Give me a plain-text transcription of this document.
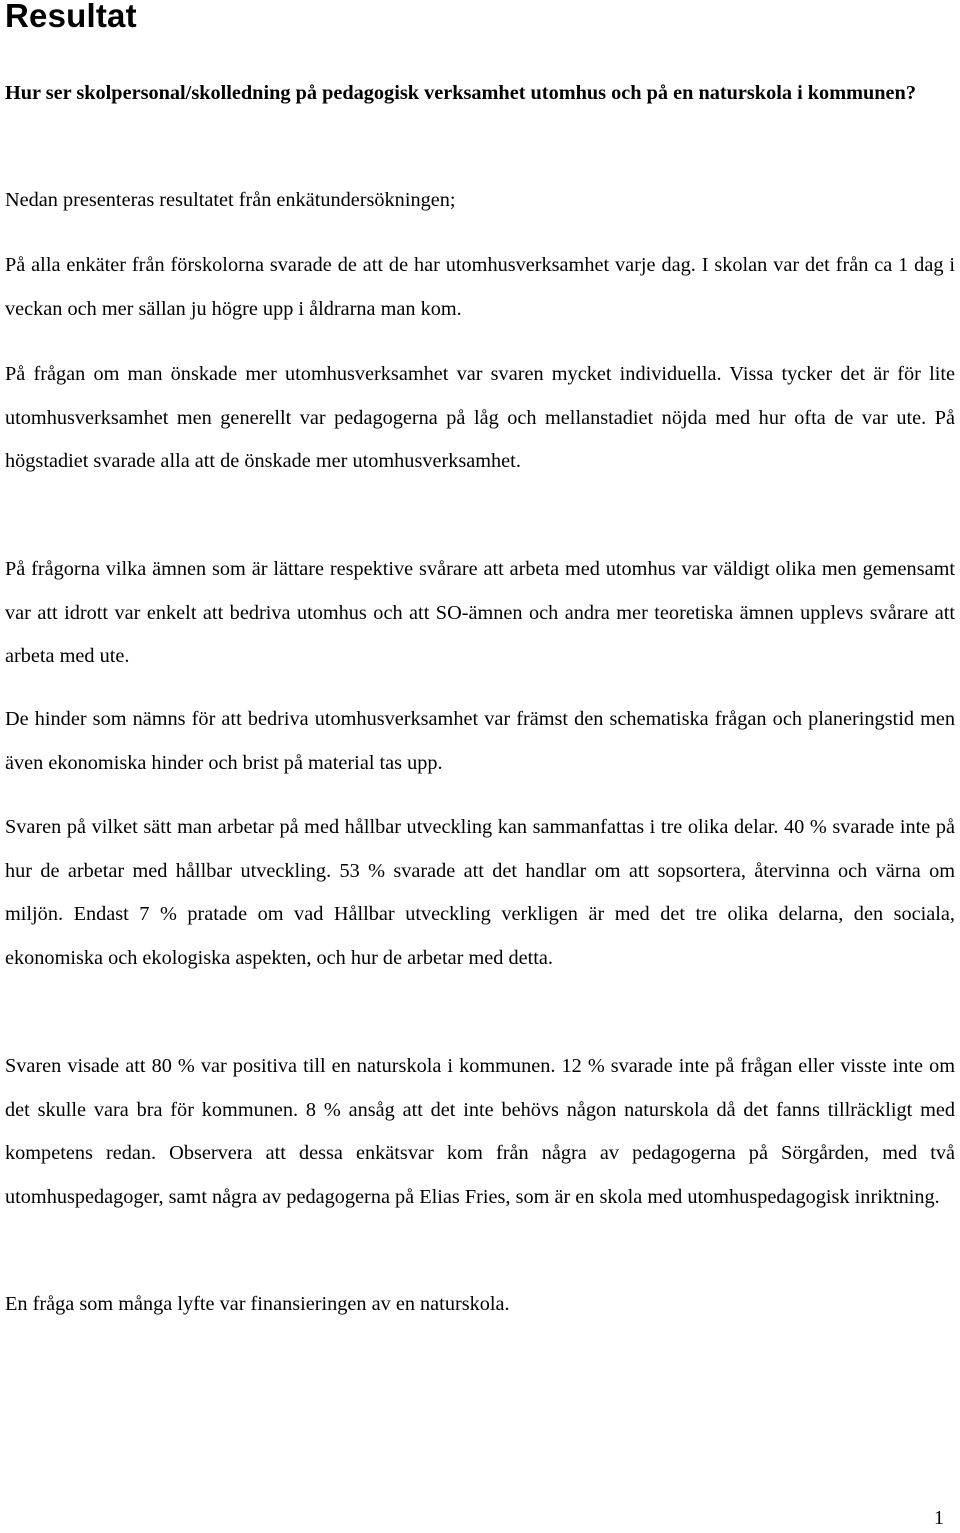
Resultat

Hur ser skolpersonal/skolledning på pedagogisk verksamhet utomhus och på en naturskola i kommunen?

Nedan presenteras resultatet från enkätundersökningen;

På alla enkäter från förskolorna svarade de att de har utomhusverksamhet varje dag. I skolan var det från ca 1 dag i veckan och mer sällan ju högre upp i åldrarna man kom.

På frågan om man önskade mer utomhusverksamhet var svaren mycket individuella. Vissa tycker det är för lite utomhusverksamhet men generellt var pedagogerna på låg och mellanstadiet nöjda med hur ofta de var ute. På högstadiet svarade alla att de önskade mer utomhusverksamhet.

På frågorna vilka ämnen som är lättare respektive svårare att arbeta med utomhus var väldigt olika men gemensamt var att idrott var enkelt att bedriva utomhus och att SO-ämnen och andra mer teoretiska ämnen upplevs svårare att arbeta med ute.

De hinder som nämns för att bedriva utomhusverksamhet var främst den schematiska frågan och planeringstid men även ekonomiska hinder och brist på material tas upp.

Svaren på vilket sätt man arbetar på med hållbar utveckling kan sammanfattas i tre olika delar. 40 % svarade inte på hur de arbetar med hållbar utveckling. 53 % svarade att det handlar om att sopsortera, återvinna och värna om miljön. Endast 7 % pratade om vad Hållbar utveckling verkligen är med det tre olika delarna, den sociala, ekonomiska och ekologiska aspekten, och hur de arbetar med detta.

Svaren visade att 80 % var positiva till en naturskola i kommunen. 12 % svarade inte på frågan eller visste inte om det skulle vara bra för kommunen. 8 % ansåg att det inte behövs någon naturskola då det fanns tillräckligt med kompetens redan. Observera att dessa enkätsvar kom från några av pedagogerna på Sörgården, med två utomhuspedagoger, samt några av pedagogerna på Elias Fries, som är en skola med utomhuspedagogisk inriktning.

En fråga som många lyfte var finansieringen av en naturskola.

1
